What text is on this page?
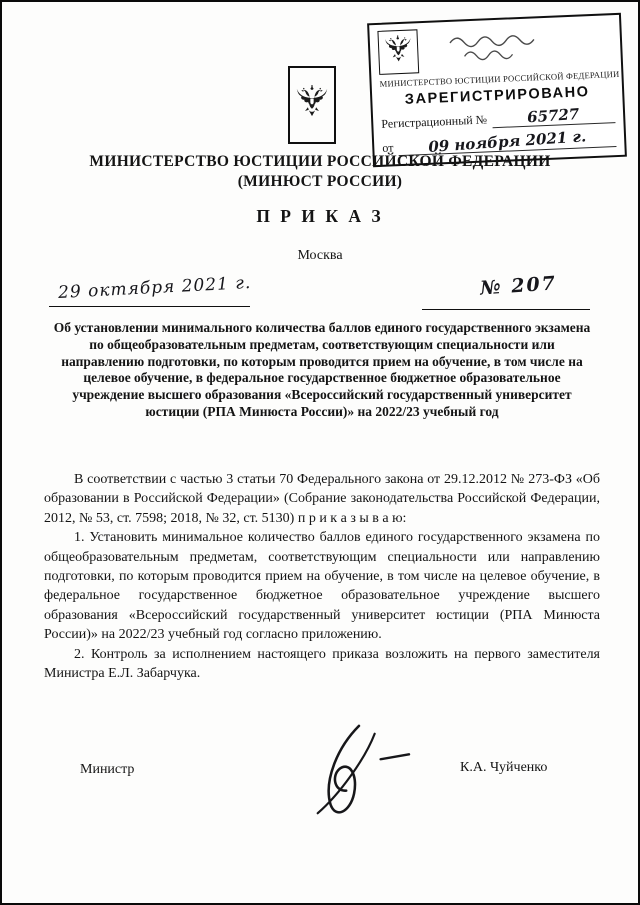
МИНИСТЕРСТВО ЮСТИЦИИ РОССИЙСКОЙ ФЕДЕРАЦИИ
ЗАРЕГИСТРИРОВАНО
Регистрационный №	65727
от	09 ноября 2021 г.
МИНИСТЕРСТВО ЮСТИЦИИ РОССИЙСКОЙ ФЕДЕРАЦИИ
(МИНЮСТ РОССИИ)
П Р И К А З
Москва
29 октября 2021 г.	№ 207
Об установлении минимального количества баллов единого государственного экзамена по общеобразовательным предметам, соответствующим специальности или направлению подготовки, по которым проводится прием на обучение, в том числе на целевое обучение, в федеральное государственное бюджетное образовательное учреждение высшего образования «Всероссийский государственный университет юстиции (РПА Минюста России)» на 2022/23 учебный год

В соответствии с частью 3 статьи 70 Федерального закона от 29.12.2012 № 273-ФЗ «Об образовании в Российской Федерации» (Собрание законодательства Российской Федерации, 2012, № 53, ст. 7598; 2018, № 32, ст. 5130) п р и к а з ы в а ю:

1. Установить минимальное количество баллов единого государственного экзамена по общеобразовательным предметам, соответствующим специальности или направлению подготовки, по которым проводится прием на обучение, в том числе на целевое обучение, в федеральное государственное бюджетное образовательное учреждение высшего образования «Всероссийский государственный университет юстиции (РПА Минюста России)» на 2022/23 учебный год согласно приложению.

2. Контроль за исполнением настоящего приказа возложить на первого заместителя Министра Е.Л. Забарчука.

Министр	К.А. Чуйченко
